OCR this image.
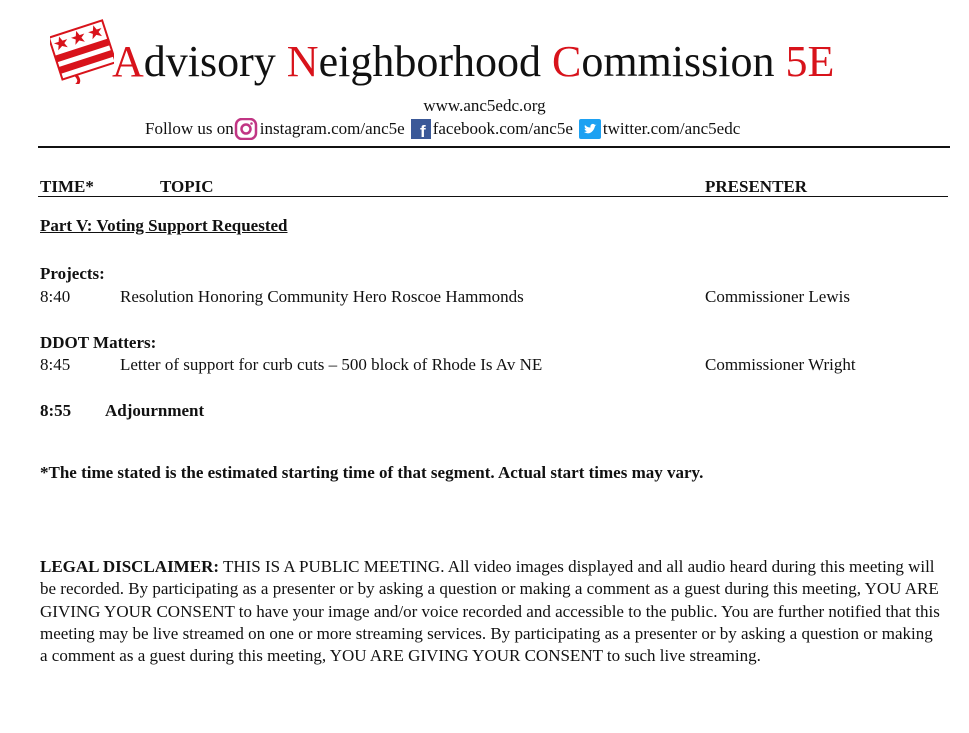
Advisory Neighborhood Commission 5E
www.anc5edc.org
Follow us on instagram.com/anc5e f facebook.com/anc5e twitter.com/anc5edc
TIME*	TOPIC	PRESENTER
Part V: Voting Support Requested
Projects:
8:40	Resolution Honoring Community Hero Roscoe Hammonds	Commissioner Lewis
DDOT Matters:
8:45	Letter of support for curb cuts – 500 block of Rhode Is Av NE	Commissioner Wright
8:55 Adjournment
*The time stated is the estimated starting time of that segment. Actual start times may vary.
LEGAL DISCLAIMER: THIS IS A PUBLIC MEETING. All video images displayed and all audio heard during this meeting will be recorded. By participating as a presenter or by asking a question or making a comment as a guest during this meeting, YOU ARE GIVING YOUR CONSENT to have your image and/or voice recorded and accessible to the public. You are further notified that this meeting may be live streamed on one or more streaming services. By participating as a presenter or by asking a question or making a comment as a guest during this meeting, YOU ARE GIVING YOUR CONSENT to such live streaming.
